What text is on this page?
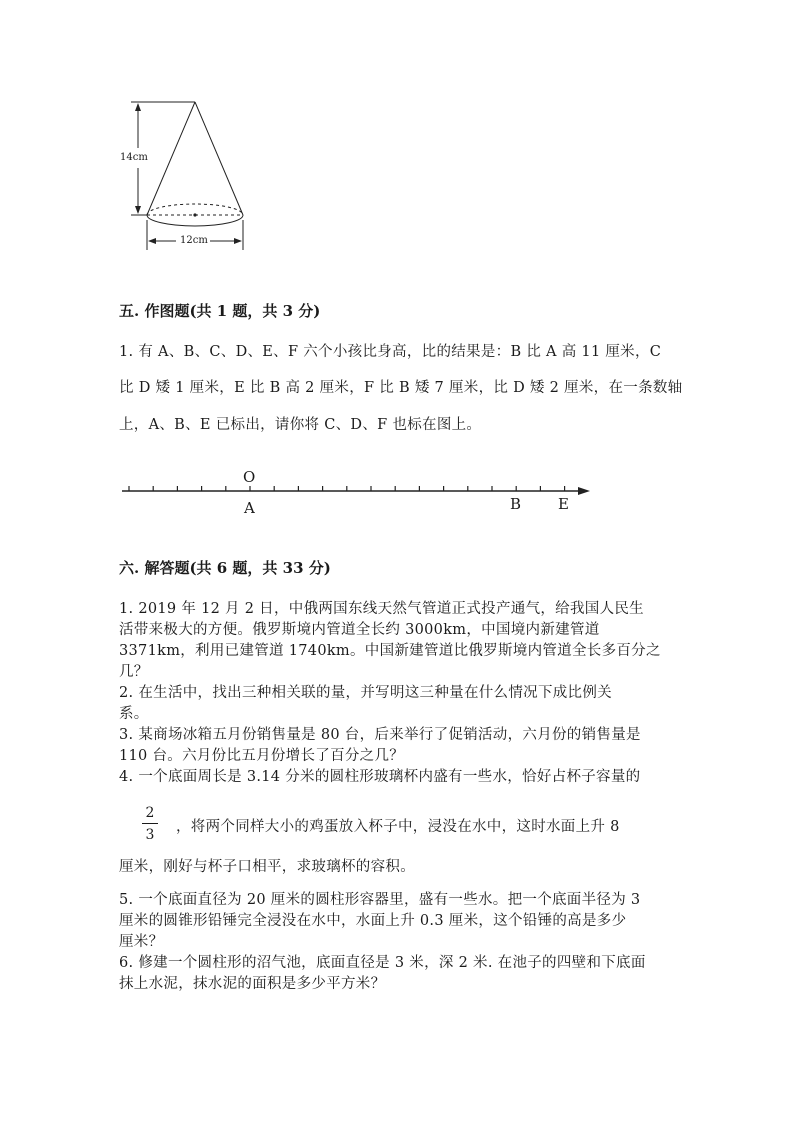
14cm
12cm
五. 作图题(共 1 题，共 3 分)
1. 有 A、B、C、D、E、F 六个小孩比身高，比的结果是：B 比 A 高 11 厘米，C
比 D 矮 1 厘米，E 比 B 高 2 厘米，F 比 B 矮 7 厘米，比 D 矮 2 厘米，在一条数轴
上，A、B、E 已标出，请你将 C、D、F 也标在图上。
O
A	B E
六. 解答题(共 6 题，共 33 分)
1. 2019 年 12 月 2 日，中俄两国东线天然气管道正式投产通气，给我国人民生
活带来极大的方便。俄罗斯境内管道全长约 3000km，中国境内新建管道
3371km，利用已建管道 1740km。中国新建管道比俄罗斯境内管道全长多百分之
几？
2. 在生活中，找出三种相关联的量，并写明这三种量在什么情况下成比例关
系。
3. 某商场冰箱五月份销售量是 80 台，后来举行了促销活动，六月份的销售量是
110 台。六月份比五月份增长了百分之几？
4. 一个底面周长是 3.14 分米的圆柱形玻璃杯内盛有一些水，恰好占杯子容量的
2
3	，将两个同样大小的鸡蛋放入杯子中，浸没在水中，这时水面上升 8
厘米，刚好与杯子口相平，求玻璃杯的容积。
5. 一个底面直径为 20 厘米的圆柱形容器里，盛有一些水。把一个底面半径为 3
厘米的圆锥形铅锤完全浸没在水中，水面上升 0.3 厘米，这个铅锤的高是多少
厘米？
6. 修建一个圆柱形的沼气池，底面直径是 3 米，深 2 米. 在池子的四壁和下底面
抹上水泥，抹水泥的面积是多少平方米？
